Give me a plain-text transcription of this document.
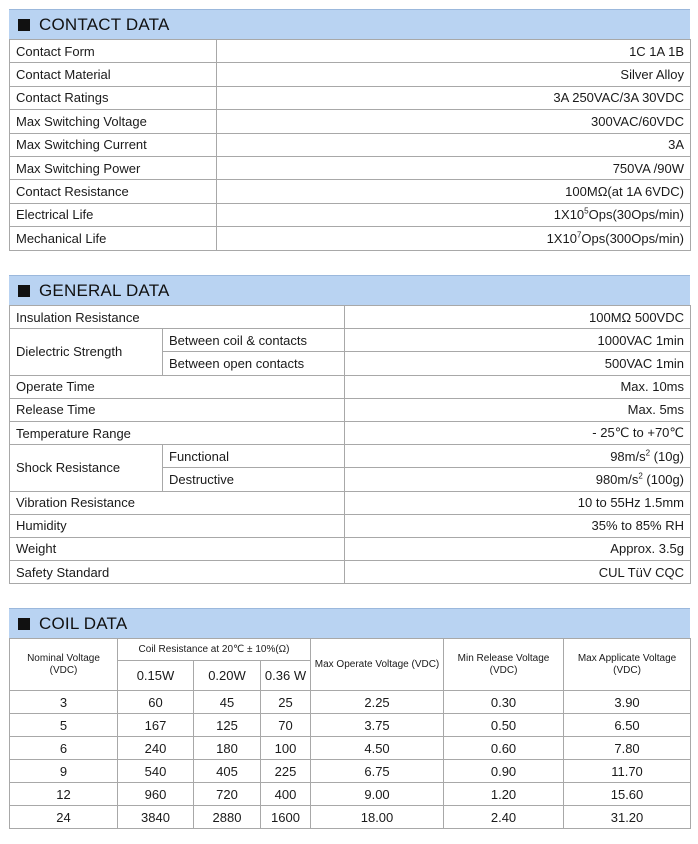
CONTACT DATA
Contact Form	1C 1A 1B
Contact Material	Silver Alloy
Contact Ratings	3A 250VAC/3A 30VDC
Max Switching Voltage	300VAC/60VDC
Max Switching Current	3A
Max Switching Power	750VA /90W
Contact Resistance	100MΩ(at 1A 6VDC)
Electrical Life	$1X10^5Ops(30Ops/\min)$
Mechanical Life	$1X10^7Ops(300Ops/\min)$
GENERAL DATA
Insulation Resistance		100MΩ 500VDC
Dielectric Strength	Between coil & contacts	1000VAC 1min
	Between open contacts	500VAC 1min
Operate Time		Max. 10ms
Release Time		Max. 5ms
Temperature Range		- 25℃ to +70℃
Shock Resistance	Functional	$98m/s^2$ (10g)
	Destructive	$980m/s^2$ (100g)
Vibration Resistance		10 to 55Hz 1.5mm
Humidity		35% to 85% RH
Weight		Approx. 3.5g
Safety Standard		CUL TüV CQC
COIL DATA
Nominal Voltage (VDC)	Coil Resistance at 20℃ ± 10%(Ω)			Max Operate Voltage (VDC)	Min Release Voltage (VDC)	Max Applicate Voltage (VDC)
	0.15W	0.20W	0.36 W			
3	60	45	25	2.25	0.30	3.90
5	167	125	70	3.75	0.50	6.50
6	240	180	100	4.50	0.60	7.80
9	540	405	225	6.75	0.90	11.70
12	960	720	400	9.00	1.20	15.60
24	3840	2880	1600	18.00	2.40	31.20
